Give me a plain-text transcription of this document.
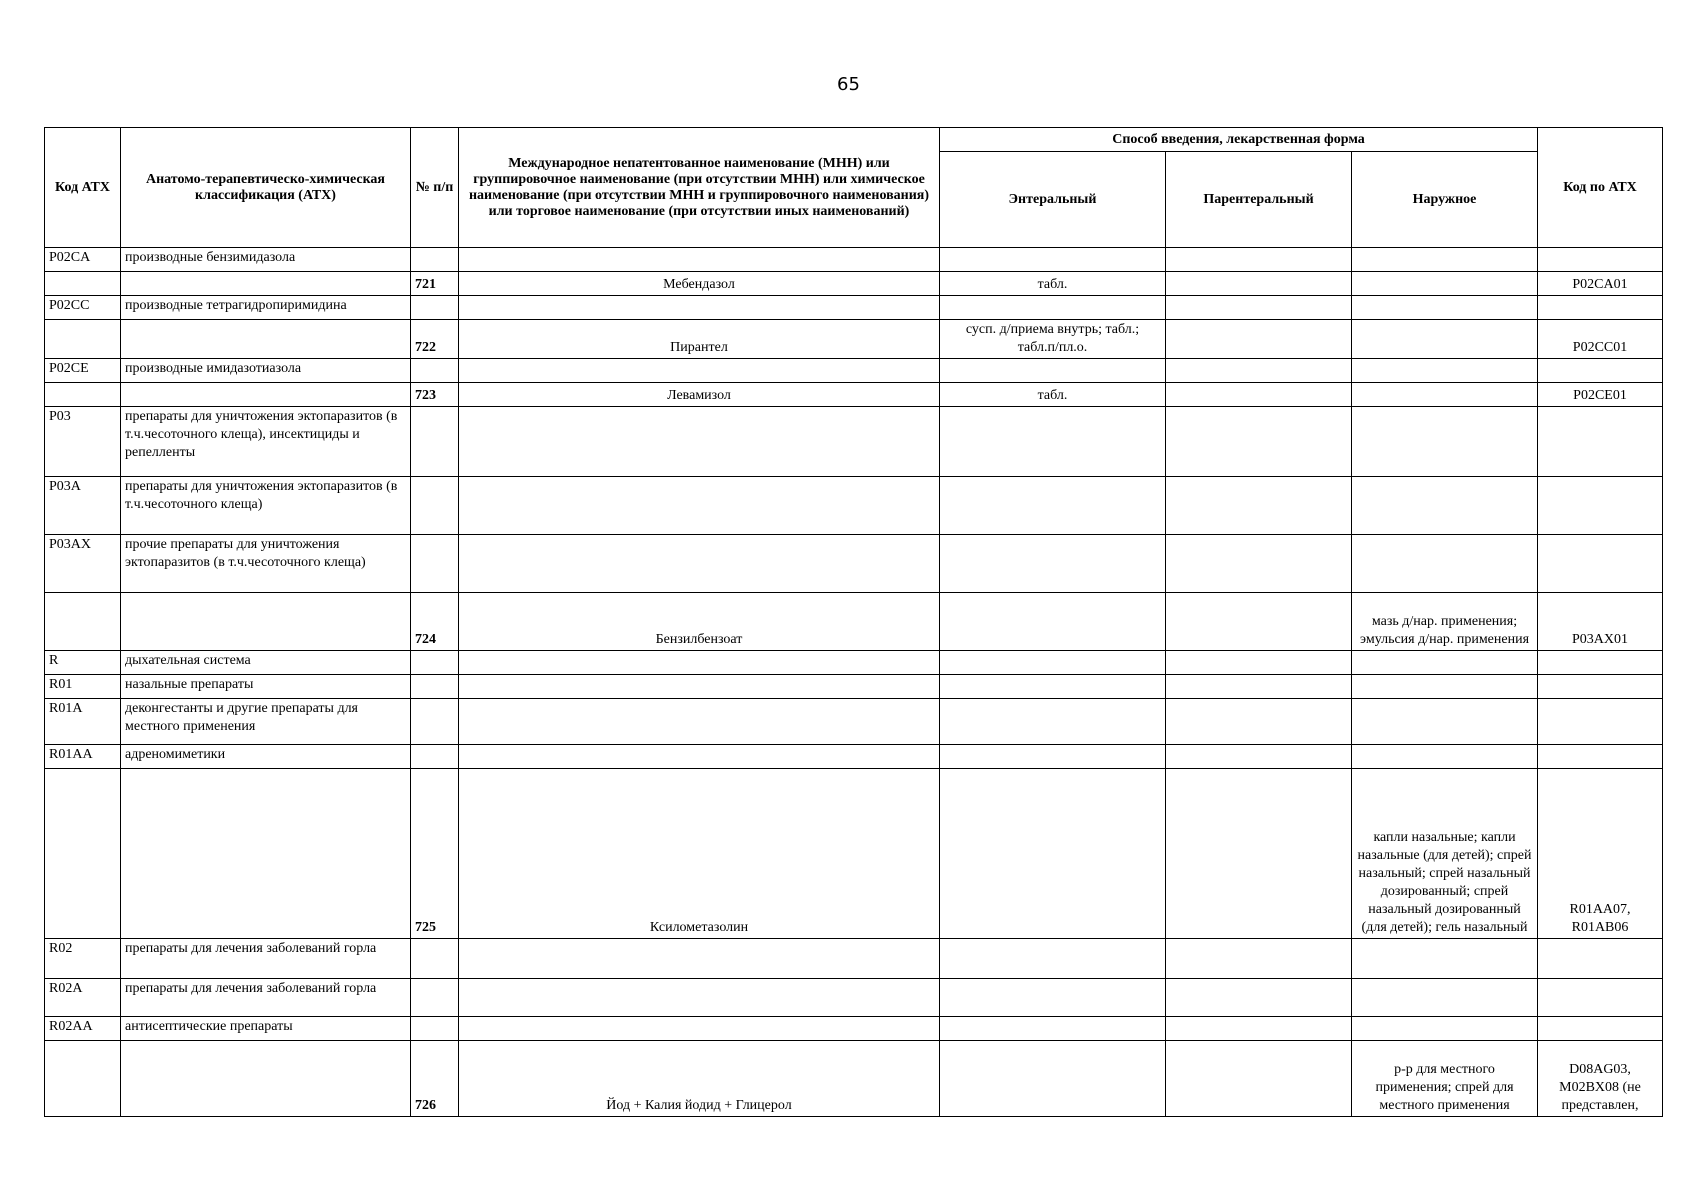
65
Код АТХ	Анатомо-терапевтическо-химическая классификация (АТХ)	№ п/п	Международное непатентованное наименование (МНН) или группировочное наименование (при отсутствии МНН) или химическое наименование (при отсутствии МНН и группировочного наименования) или торговое наименование (при отсутствии иных наименований)	Способ введения, лекарственная форма			Код по АТХ
				Энтеральный	Парентеральный	Наружное	
P02CA	производные бензимидазола						
		721	Мебендазол	табл.			P02CA01
P02CC	производные тетрагидропиримидина						
		722	Пирантел	сусп. д/приема внутрь; табл.; табл.п/пл.о.			P02CC01
P02CE	производные имидазотиазола						
		723	Левамизол	табл.			P02CE01
P03	препараты для уничтожения эктопаразитов (в т.ч.чесоточного клеща), инсектициды и репелленты						
P03A	препараты для уничтожения эктопаразитов (в т.ч.чесоточного клеща)						
P03AX	прочие препараты для уничтожения эктопаразитов (в т.ч.чесоточного клеща)						
		724	Бензилбензоат			мазь д/нар. применения; эмульсия д/нар. применения	P03AX01
R	дыхательная система						
R01	назальные препараты						
R01A	деконгестанты и другие препараты для местного применения						
R01AA	адреномиметики						
		725	Ксилометазолин			капли назальные; капли назальные (для детей); спрей назальный; спрей назальный дозированный; спрей назальный дозированный (для детей); гель назальный	R01AA07, R01AB06
R02	препараты для лечения заболеваний горла						
R02A	препараты для лечения заболеваний горла						
R02AA	антисептические препараты						
		726	Йод + Калия йодид + Глицерол			р-р для местного применения; спрей для местного применения	D08AG03, M02BX08 (не представлен,
